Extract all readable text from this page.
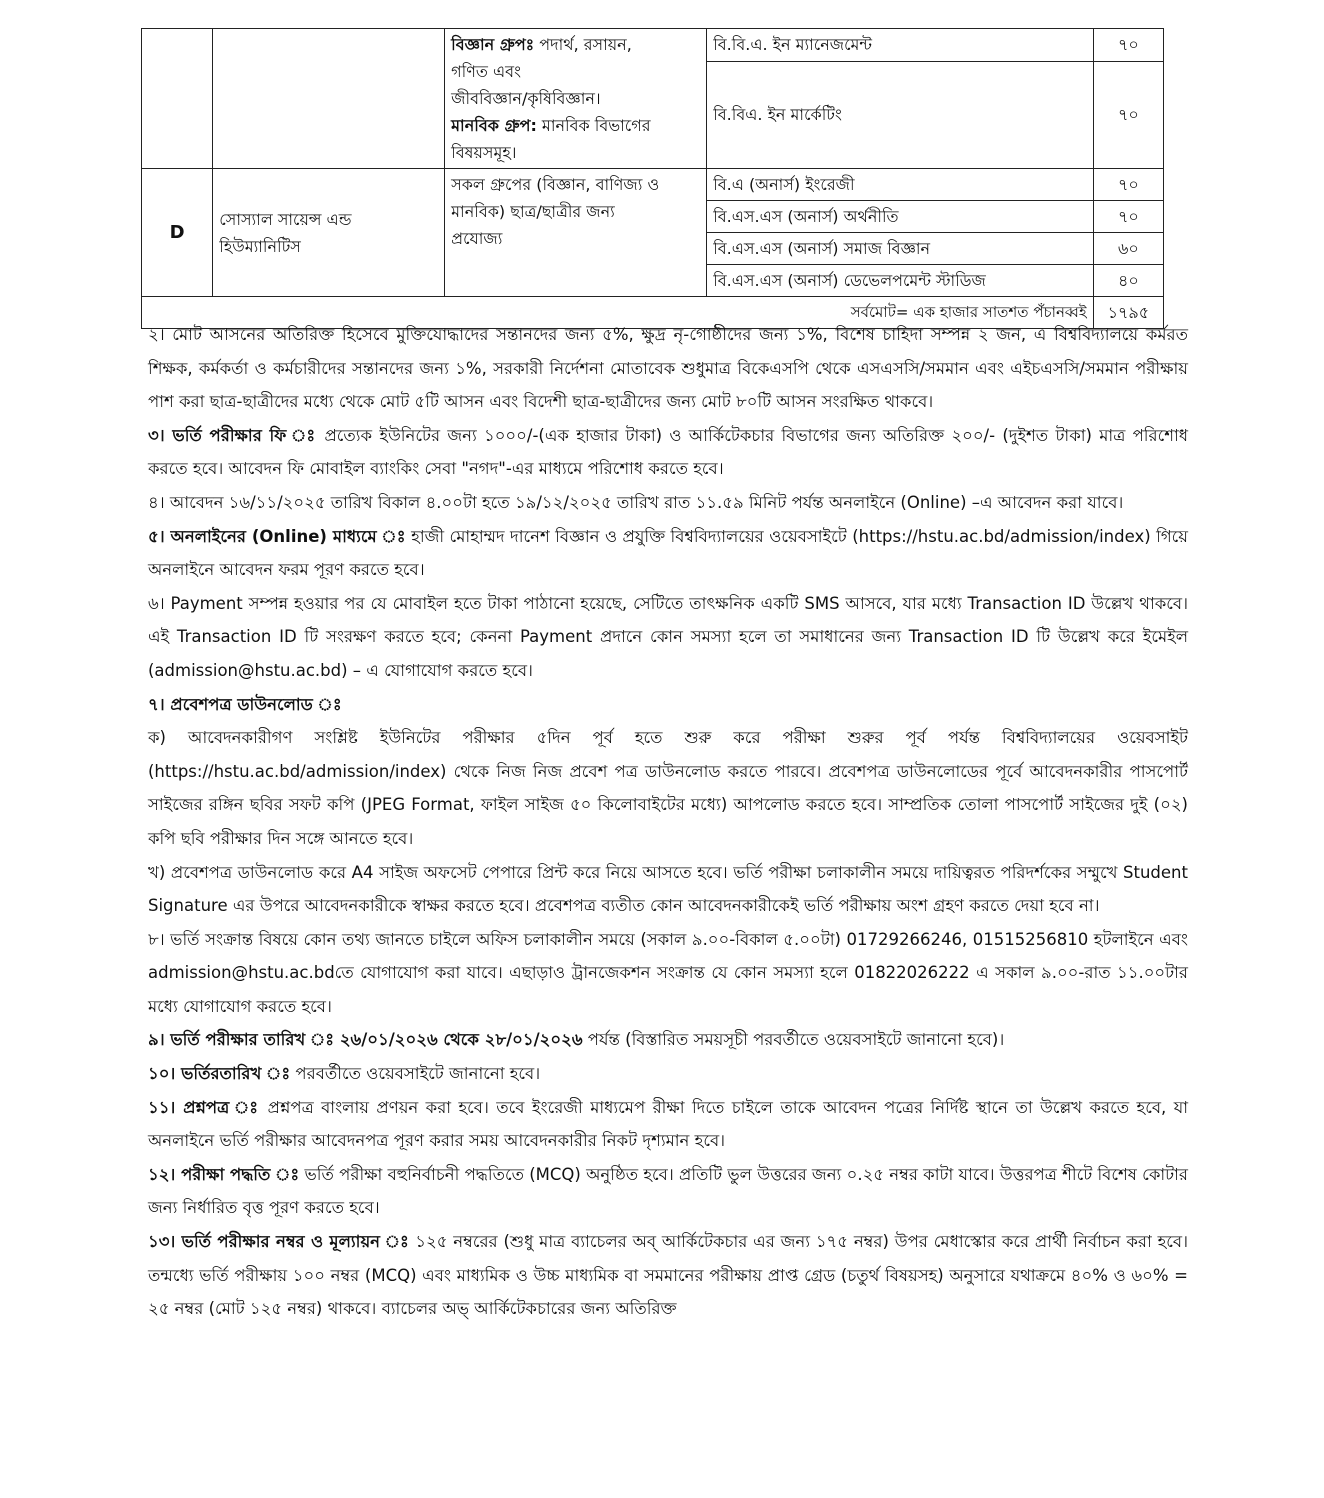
		বিজ্ঞান গ্রুপঃ পদার্থ, রসায়ন,
গণিত এবং
জীববিজ্ঞান/কৃষিবিজ্ঞান।
মানবিক গ্রুপ: মানবিক বিভাগের
বিষয়সমূহ।	বি.বি.এ. ইন ম্যানেজমেন্ট	৭০
			বি.বিএ. ইন মার্কেটিং	৭০
D	সোস্যাল সায়েন্স এন্ড হিউম্যানিটিস	সকল গ্রুপের (বিজ্ঞান, বাণিজ্য ও
মানবিক) ছাত্র/ছাত্রীর জন্য
প্রযোজ্য	বি.এ (অনার্স) ইংরেজী	৭০
			বি.এস.এস (অনার্স) অর্থনীতি	৭০
			বি.এস.এস (অনার্স) সমাজ বিজ্ঞান	৬০
			বি.এস.এস (অনার্স) ডেভেলপমেন্ট স্টাডিজ	৪০
সর্বমোট= এক হাজার সাতশত পঁচানব্বই				১৭৯৫

২। মোট আসনের অতিরিক্ত হিসেবে মুক্তিযোদ্ধাদের সন্তানদের জন্য ৫%, ক্ষুদ্র নৃ-গোষ্ঠীদের জন্য ১%, বিশেষ চাহিদা সম্পন্ন ২ জন, এ বিশ্ববিদ্যালয়ে কর্মরত শিক্ষক, কর্মকর্তা ও কর্মচারীদের সন্তানদের জন্য ১%, সরকারী নির্দেশনা মোতাবেক শুধুমাত্র বিকেএসপি থেকে এসএসসি/সমমান এবং এইচএসসি/সমমান পরীক্ষায় পাশ করা ছাত্র-ছাত্রীদের মধ্যে থেকে মোট ৫টি আসন এবং বিদেশী ছাত্র-ছাত্রীদের জন্য মোট ৮০টি আসন সংরক্ষিত থাকবে।

৩। ভর্তি পরীক্ষার ফি ঃ প্রত্যেক ইউনিটের জন্য ১০০০/-(এক হাজার টাকা) ও আর্কিটেকচার বিভাগের জন্য অতিরিক্ত ২০০/- (দুইশত টাকা) মাত্র পরিশোধ করতে হবে। আবেদন ফি মোবাইল ব্যাংকিং সেবা "নগদ"-এর মাধ্যমে পরিশোধ করতে হবে।

৪। আবেদন ১৬/১১/২০২৫ তারিখ বিকাল ৪.০০টা হতে ১৯/১২/২০২৫ তারিখ রাত ১১.৫৯ মিনিট পর্যন্ত অনলাইনে (Online) –এ আবেদন করা যাবে।

৫। অনলাইনের (Online) মাধ্যমে ঃ হাজী মোহাম্মদ দানেশ বিজ্ঞান ও প্রযুক্তি বিশ্ববিদ্যালয়ের ওয়েবসাইটে (https://hstu.ac.bd/admission/index) গিয়ে অনলাইনে আবেদন ফরম পূরণ করতে হবে।

৬। Payment সম্পন্ন হওয়ার পর যে মোবাইল হতে টাকা পাঠানো হয়েছে, সেটিতে তাৎক্ষনিক একটি SMS আসবে, যার মধ্যে Transaction ID উল্লেখ থাকবে। এই Transaction ID টি সংরক্ষণ করতে হবে; কেননা Payment প্রদানে কোন সমস্যা হলে তা সমাধানের জন্য Transaction ID টি উল্লেখ করে ইমেইল (admission@hstu.ac.bd) – এ যোগাযোগ করতে হবে।

৭। প্রবেশপত্র ডাউনলোড ঃ

ক) আবেদনকারীগণ সংশ্লিষ্ট ইউনিটের পরীক্ষার ৫দিন পূর্ব হতে শুরু করে পরীক্ষা শুরুর পূর্ব পর্যন্ত বিশ্ববিদ্যালয়ের ওয়েবসাইট (https://hstu.ac.bd/admission/index) থেকে নিজ নিজ প্রবেশ পত্র ডাউনলোড করতে পারবে। প্রবেশপত্র ডাউনলোডের পূর্বে আবেদনকারীর পাসপোর্ট সাইজের রঙ্গিন ছবির সফট কপি (JPEG Format, ফাইল সাইজ ৫০ কিলোবাইটের মধ্যে) আপলোড করতে হবে। সাম্প্রতিক তোলা পাসপোর্ট সাইজের দুই (০২) কপি ছবি পরীক্ষার দিন সঙ্গে আনতে হবে।

খ) প্রবেশপত্র ডাউনলোড করে A4 সাইজ অফসেট পেপারে প্রিন্ট করে নিয়ে আসতে হবে। ভর্তি পরীক্ষা চলাকালীন সময়ে দায়িত্বরত পরিদর্শকের সম্মুখে Student Signature এর উপরে আবেদনকারীকে স্বাক্ষর করতে হবে। প্রবেশপত্র ব্যতীত কোন আবেদনকারীকেই ভর্তি পরীক্ষায় অংশ গ্রহণ করতে দেয়া হবে না।

৮। ভর্তি সংক্রান্ত বিষয়ে কোন তথ্য জানতে চাইলে অফিস চলাকালীন সময়ে (সকাল ৯.০০-বিকাল ৫.০০টা) 01729266246, 01515256810 হটলাইনে এবং admission@hstu.ac.bdতে যোগাযোগ করা যাবে। এছাড়াও ট্রানজেকশন সংক্রান্ত যে কোন সমস্যা হলে 01822026222 এ সকাল ৯.০০-রাত ১১.০০টার মধ্যে যোগাযোগ করতে হবে।

৯। ভর্তি পরীক্ষার তারিখ ঃ ২৬/০১/২০২৬ থেকে ২৮/০১/২০২৬ পর্যন্ত (বিস্তারিত সময়সূচী পরবর্তীতে ওয়েবসাইটে জানানো হবে)।

১০। ভর্তিরতারিখ ঃ পরবর্তীতে ওয়েবসাইটে জানানো হবে।

১১। প্রশ্নপত্র ঃ প্রশ্নপত্র বাংলায় প্রণয়ন করা হবে। তবে ইংরেজী মাধ্যমেপ রীক্ষা দিতে চাইলে তাকে আবেদন পত্রের নির্দিষ্ট স্থানে তা উল্লেখ করতে হবে, যা অনলাইনে ভর্তি পরীক্ষার আবেদনপত্র পূরণ করার সময় আবেদনকারীর নিকট দৃশ্যমান হবে।

১২। পরীক্ষা পদ্ধতি ঃ ভর্তি পরীক্ষা বহুনির্বাচনী পদ্ধতিতে (MCQ) অনুষ্ঠিত হবে। প্রতিটি ভুল উত্তরের জন্য ০.২৫ নম্বর কাটা যাবে। উত্তরপত্র শীটে বিশেষ কোটার জন্য নির্ধারিত বৃত্ত পূরণ করতে হবে।

১৩। ভর্তি পরীক্ষার নম্বর ও মূল্যায়ন ঃ ১২৫ নম্বরের (শুধু মাত্র ব্যাচেলর অব্ আর্কিটেকচার এর জন্য ১৭৫ নম্বর) উপর মেধাস্কোর করে প্রার্থী নির্বাচন করা হবে। তন্মধ্যে ভর্তি পরীক্ষায় ১০০ নম্বর (MCQ) এবং মাধ্যমিক ও উচ্চ মাধ্যমিক বা সমমানের পরীক্ষায় প্রাপ্ত গ্রেড (চতুর্থ বিষয়সহ) অনুসারে যথাক্রমে ৪০% ও ৬০% = ২৫ নম্বর (মোট ১২৫ নম্বর) থাকবে। ব্যাচেলর অভ্ আর্কিটেকচারের জন্য অতিরিক্ত
